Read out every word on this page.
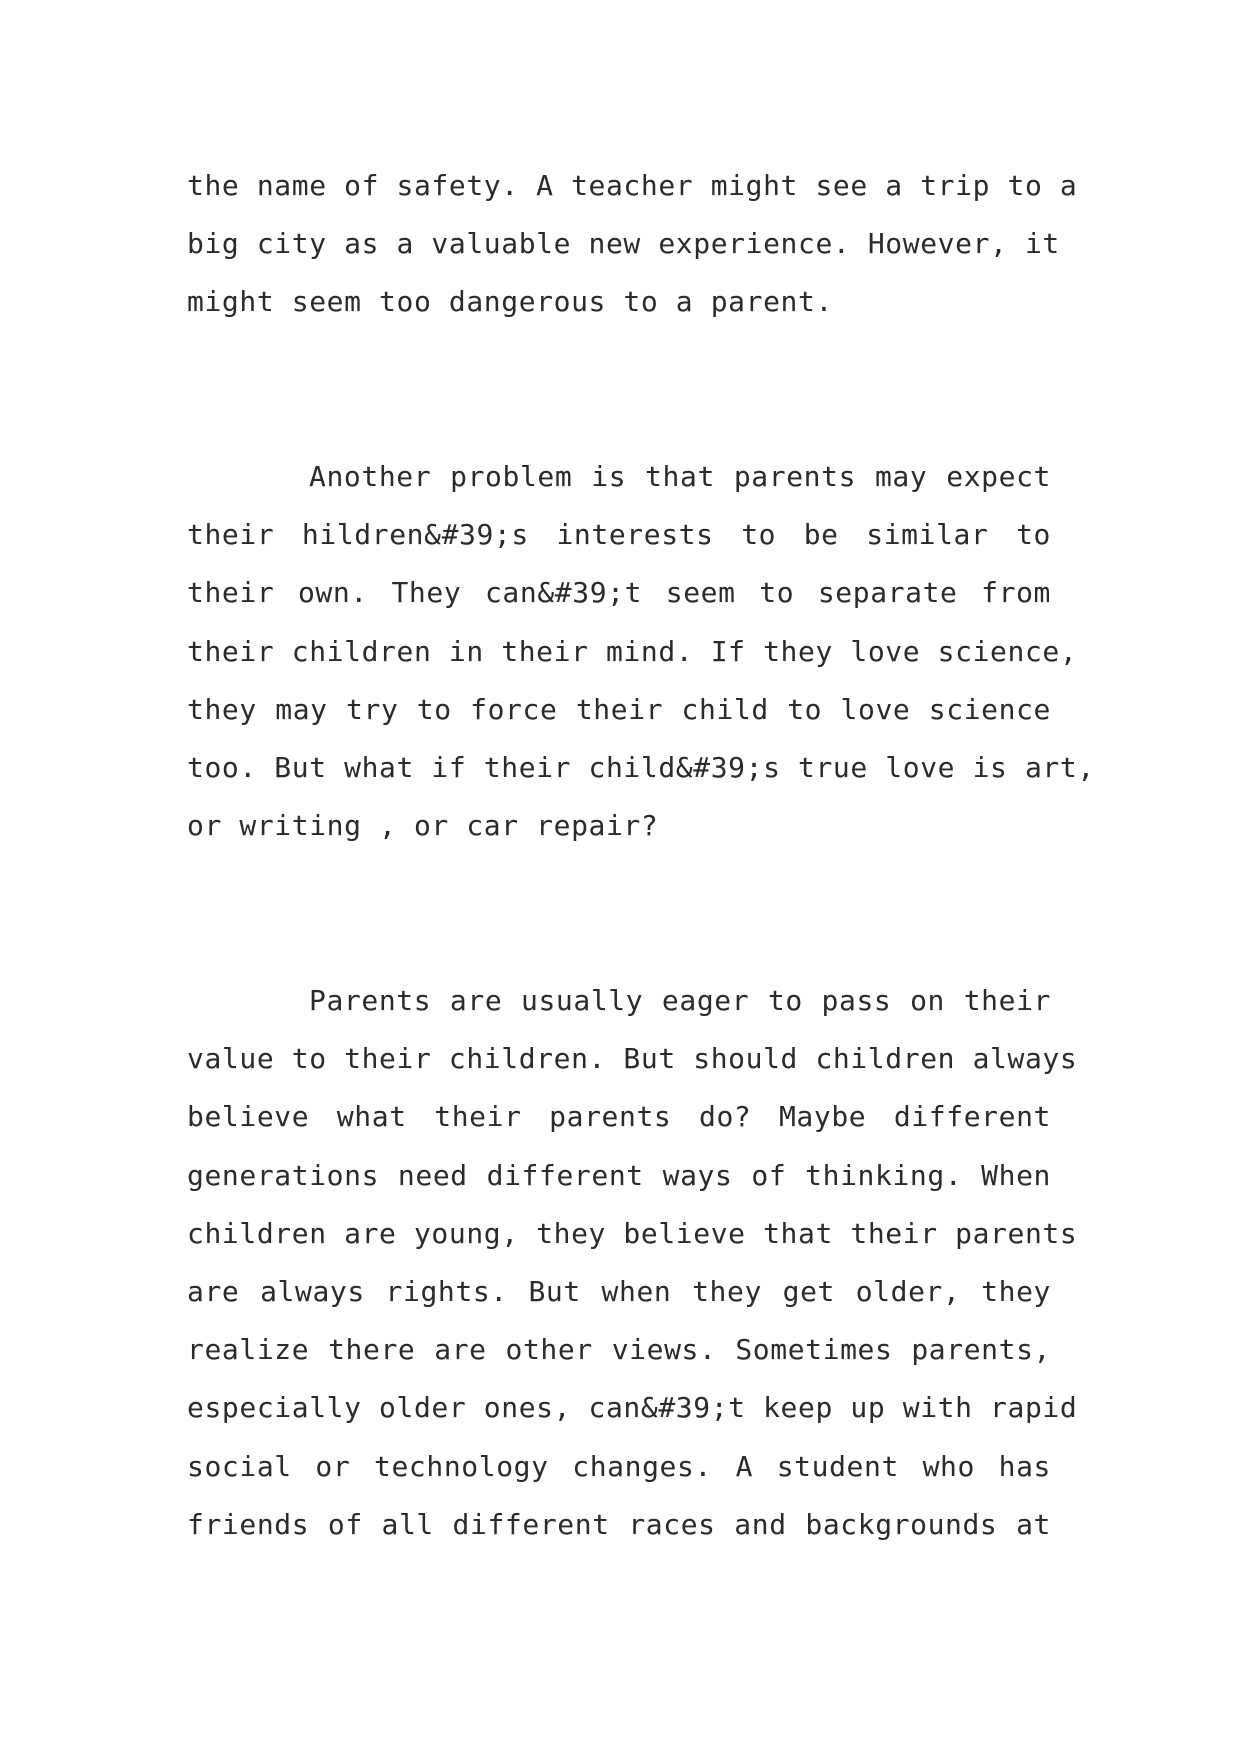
the name of safety. A teacher might see a trip to a
big city as a valuable new experience. However, it
might seem too dangerous to a parent.
Another problem is that parents may expect
their hildren&#39;s interests to be similar to
their own. They can&#39;t seem to separate from
their children in their mind. If they love science,
they may try to force their child to love science
too. But what if their child&#39;s true love is art,
or writing , or car repair?
Parents are usually eager to pass on their
value to their children. But should children always
believe what their parents do? Maybe different
generations need different ways of thinking. When
children are young, they believe that their parents
are always rights. But when they get older, they
realize there are other views. Sometimes parents,
especially older ones, can&#39;t keep up with rapid
social or technology changes. A student who has
friends of all different races and backgrounds at
